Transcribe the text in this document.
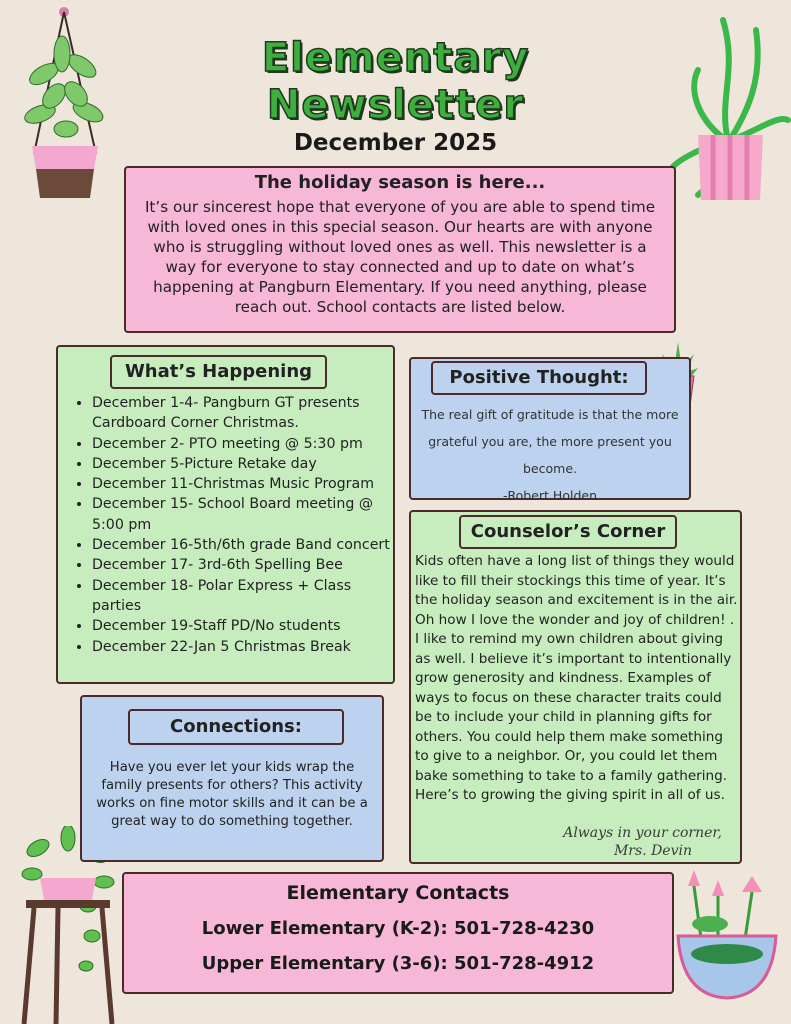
Elementary
Newsletter
December 2025
The holiday season is here...
It’s our sincerest hope that everyone of you are able to spend time with loved ones in this special season. Our hearts are with anyone who is struggling without loved ones as well. This newsletter is a way for everyone to stay connected and up to date on what’s happening at Pangburn Elementary. If you need anything, please reach out. School contacts are listed below.
What’s Happening
• December 1-4- Pangburn GT presents Cardboard Corner Christmas.
• December 2- PTO meeting @ 5:30 pm
• December 5-Picture Retake day
• December 11-Christmas Music Program
• December 15- School Board meeting @ 5:00 pm
• December 16-5th/6th grade Band concert
• December 17- 3rd-6th Spelling Bee
• December 18- Polar Express + Class parties
• December 19-Staff PD/No students
• December 22-Jan 5 Christmas Break
Positive Thought:
The real gift of gratitude is that the more
grateful you are, the more present you become.
-Robert Holden
Counselor’s Corner
Kids often have a long list of things they would like to fill their stockings this time of year. It’s the holiday season and excitement is in the air. Oh how I love the wonder and joy of children! .
I like to remind my own children about giving as well. I believe it’s important to intentionally grow generosity and kindness. Examples of ways to focus on these character traits could be to include your child in planning gifts for others. You could help them make something to give to a neighbor. Or, you could let them bake something to take to a family gathering.
Here’s to growing the giving spirit in all of us.
Always in your corner,
Mrs. Devin
Connections:
Have you ever let your kids wrap the family presents for others? This activity works on fine motor skills and it can be a great way to do something together.
Elementary Contacts
Lower Elementary (K-2): 501-728-4230
Upper Elementary (3-6): 501-728-4912
